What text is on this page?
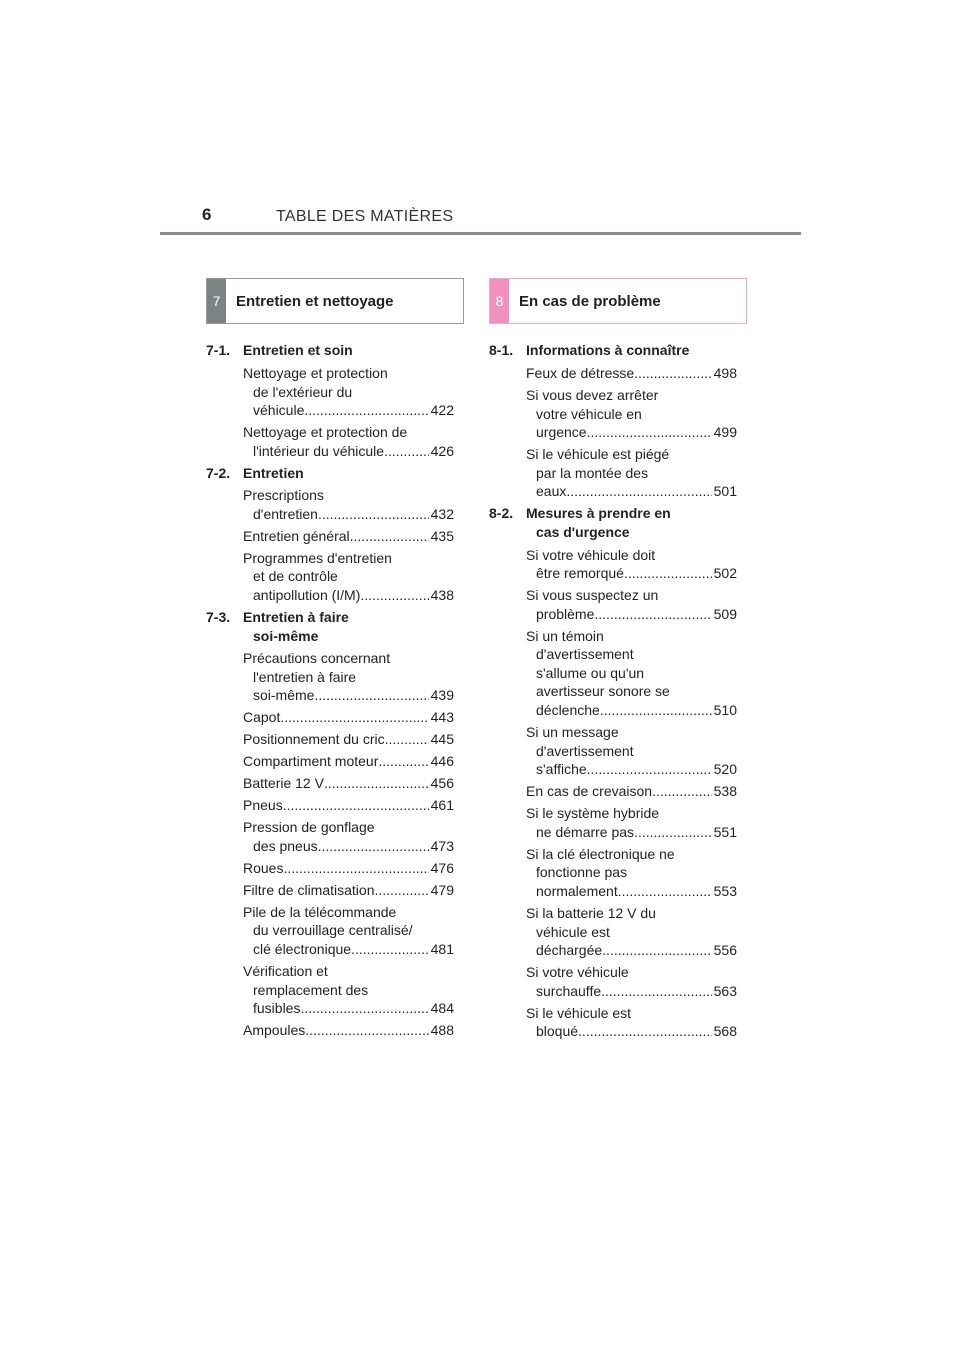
6	TABLE DES MATIÈRES
7	Entretien et nettoyage	8	En cas de problème
7-1. Entretien et soin
Nettoyage et protection
de l'extérieur du
véhicule .....	422
Nettoyage et protection de
l'intérieur du véhicule .....	426
7-2. Entretien
Prescriptions
d'entretien .....	432
Entretien général .....	435
Programmes d'entretien
et de contrôle
antipollution (I/M) .....	438
7-3. Entretien à faire
soi-même
Précautions concernant
l'entretien à faire
soi-même .....	439
Capot .....	443
Positionnement du cric .....	445
Compartiment moteur .....	446
Batterie 12 V .....	456
Pneus .....	461
Pression de gonflage
des pneus .....	473
Roues .....	476
Filtre de climatisation .....	479
Pile de la télécommande
du verrouillage centralisé/
clé électronique .....	481
Vérification et
remplacement des
fusibles .....	484
Ampoules .....	488
8-1. Informations à connaître
Feux de détresse .....	498
Si vous devez arrêter
votre véhicule en
urgence .....	499
Si le véhicule est piégé
par la montée des
eaux .....	501
8-2. Mesures à prendre en
cas d'urgence
Si votre véhicule doit
être remorqué .....	502
Si vous suspectez un
problème .....	509
Si un témoin
d'avertissement
s'allume ou qu'un
avertisseur sonore se
déclenche .....	510
Si un message
d'avertissement
s'affiche .....	520
En cas de crevaison .....	538
Si le système hybride
ne démarre pas .....	551
Si la clé électronique ne
fonctionne pas
normalement .....	553
Si la batterie 12 V du
véhicule est
déchargée .....	556
Si votre véhicule
surchauffe .....	563
Si le véhicule est
bloqué .....	568
